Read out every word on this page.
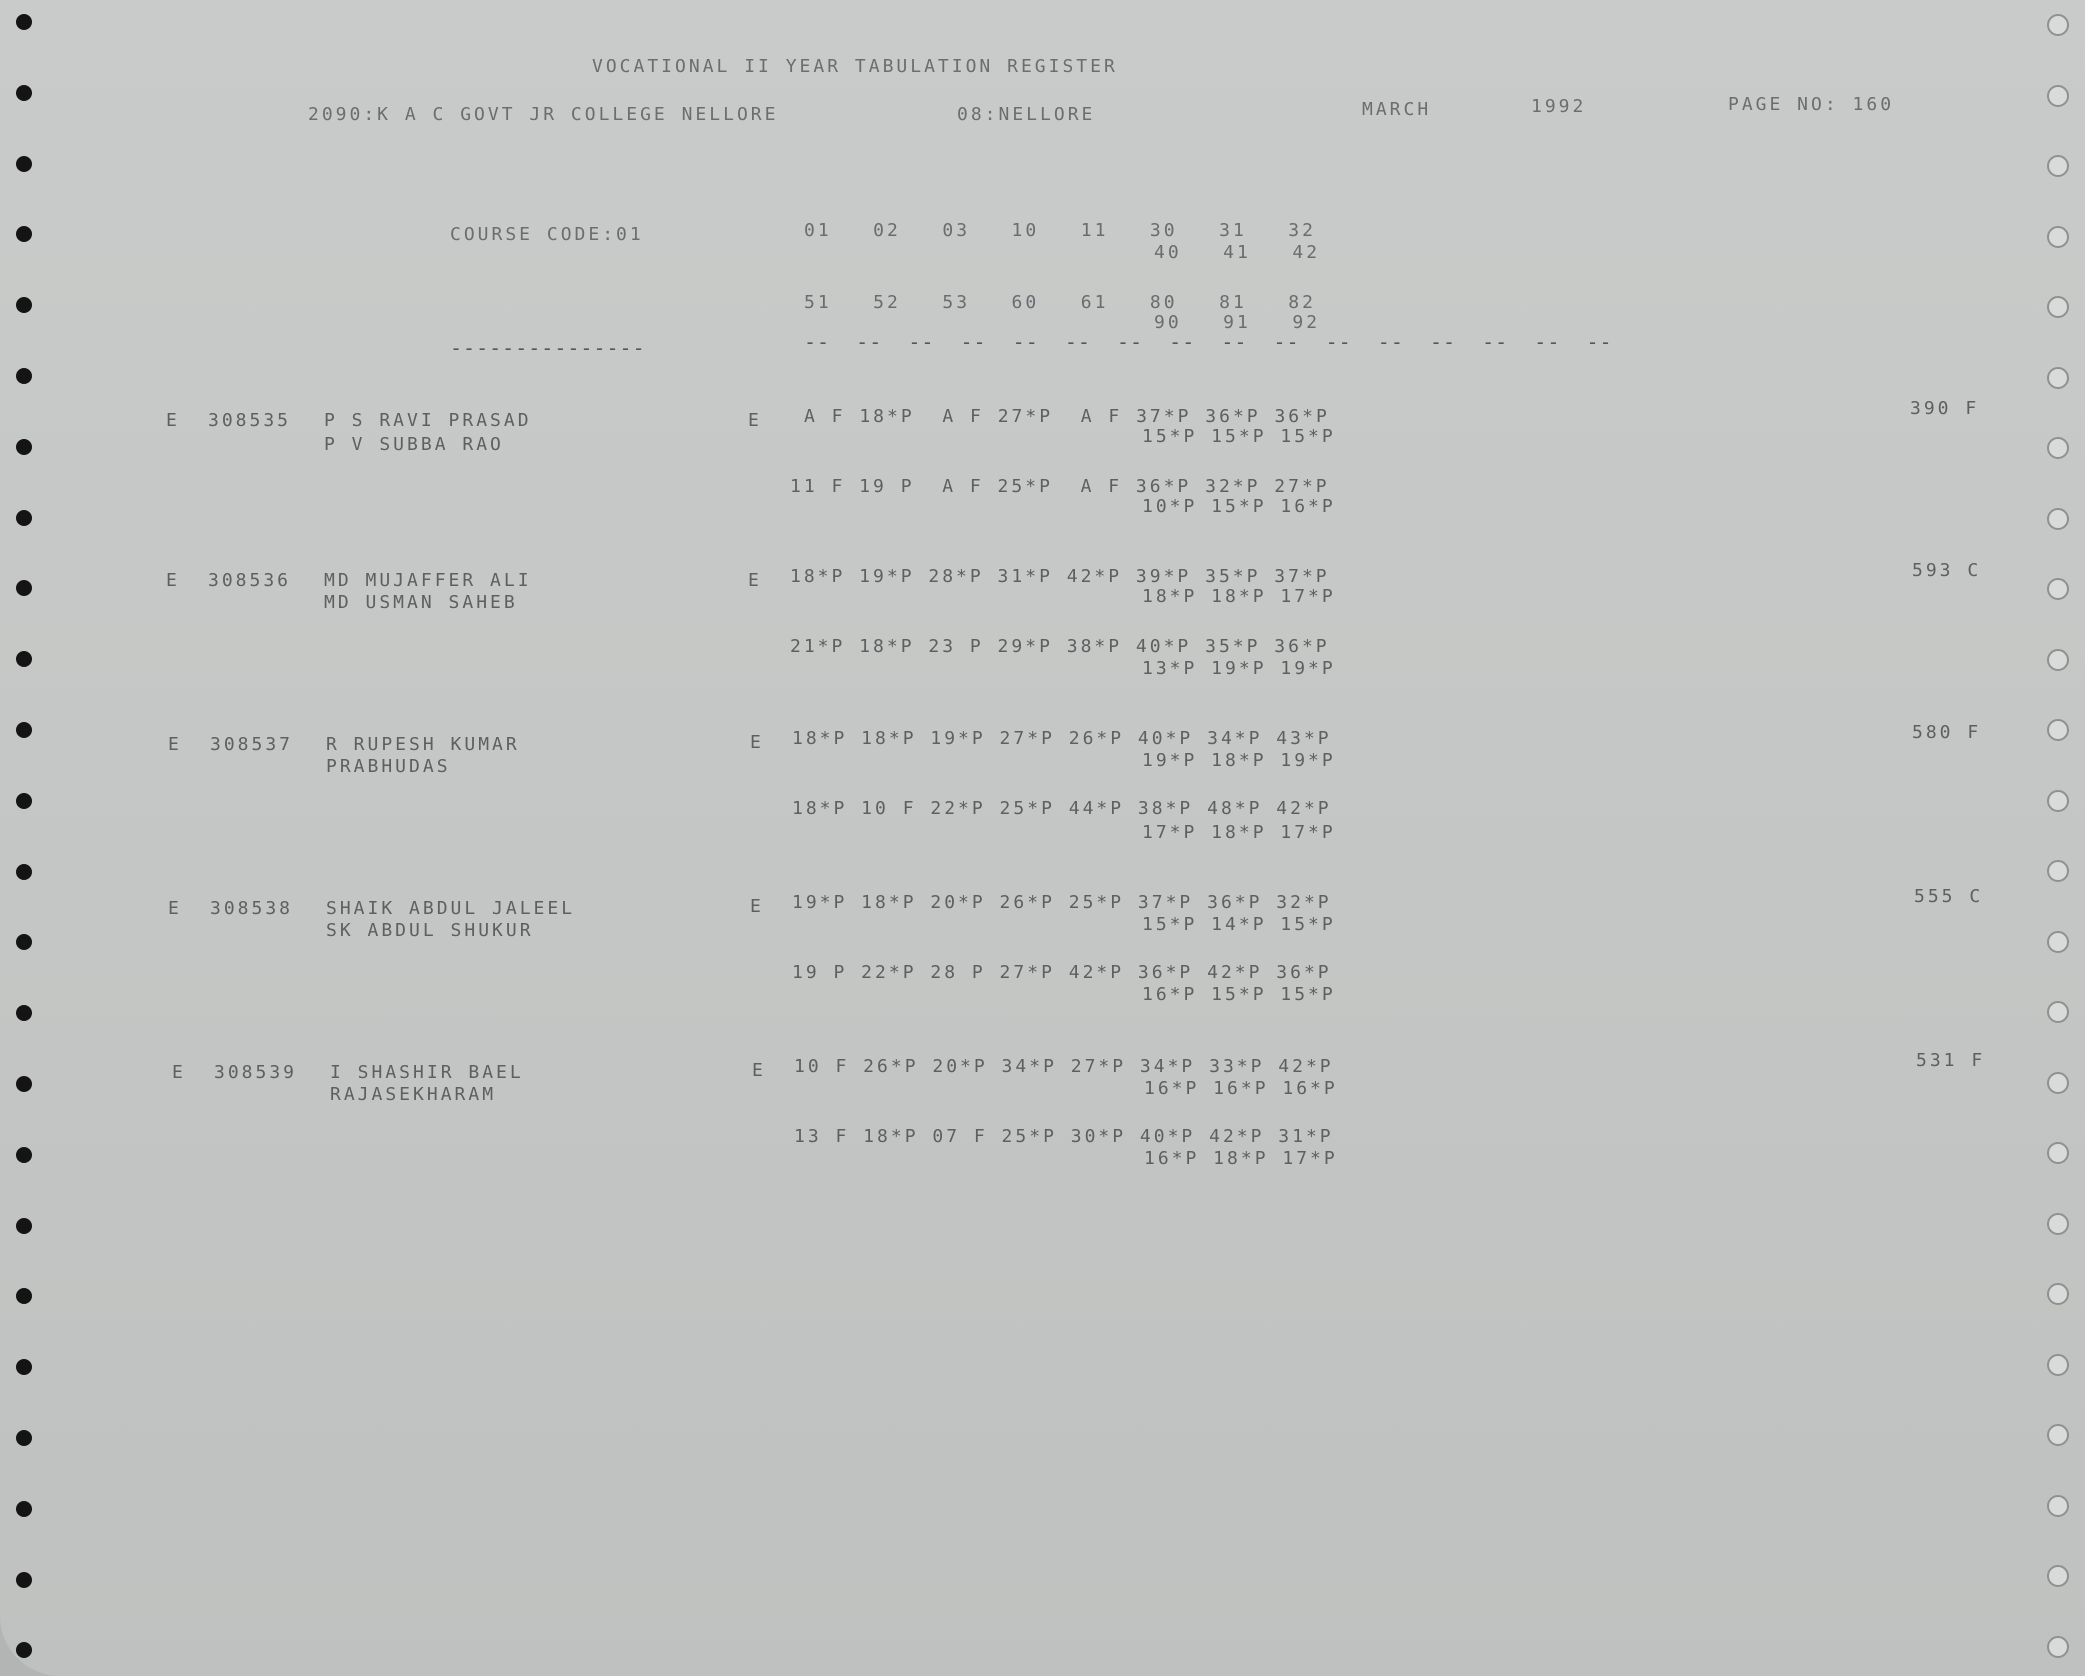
VOCATIONAL II YEAR TABULATION REGISTER
2090:K A C GOVT JR COLLEGE NELLORE	08:NELLORE	MARCH	1992	PAGE NO: 160
COURSE CODE:01	01   02   03   10   11   30   31   32
40   41   42
51   52   53   60   61   80   81   82
90   91   92
---------------	--  --  --  --  --  --  --  --  --  --  --  --  --  --  --  --
E 308535 P S RAVI PRASAD
P V SUBBA RAO
E A F 18*P  A F 27*P  A F 37*P 36*P 36*P
15*P 15*P 15*P
11 F 19 P  A F 25*P  A F 36*P 32*P 27*P
10*P 15*P 16*P
390 F
E 308536 MD MUJAFFER ALI
MD USMAN SAHEB
E 18*P 19*P 28*P 31*P 42*P 39*P 35*P 37*P
18*P 18*P 17*P
21*P 18*P 23 P 29*P 38*P 40*P 35*P 36*P
13*P 19*P 19*P
593 C
E 308537 R RUPESH KUMAR
PRABHUDAS
E 18*P 18*P 19*P 27*P 26*P 40*P 34*P 43*P
19*P 18*P 19*P
18*P 10 F 22*P 25*P 44*P 38*P 48*P 42*P
17*P 18*P 17*P
580 F
E 308538 SHAIK ABDUL JALEEL
SK ABDUL SHUKUR
E 19*P 18*P 20*P 26*P 25*P 37*P 36*P 32*P
15*P 14*P 15*P
19 P 22*P 28 P 27*P 42*P 36*P 42*P 36*P
16*P 15*P 15*P
555 C
E 308539 I SHASHIR BAEL
RAJASEKHARAM
E 10 F 26*P 20*P 34*P 27*P 34*P 33*P 42*P
16*P 16*P 16*P
13 F 18*P 07 F 25*P 30*P 40*P 42*P 31*P
16*P 18*P 17*P
531 F
